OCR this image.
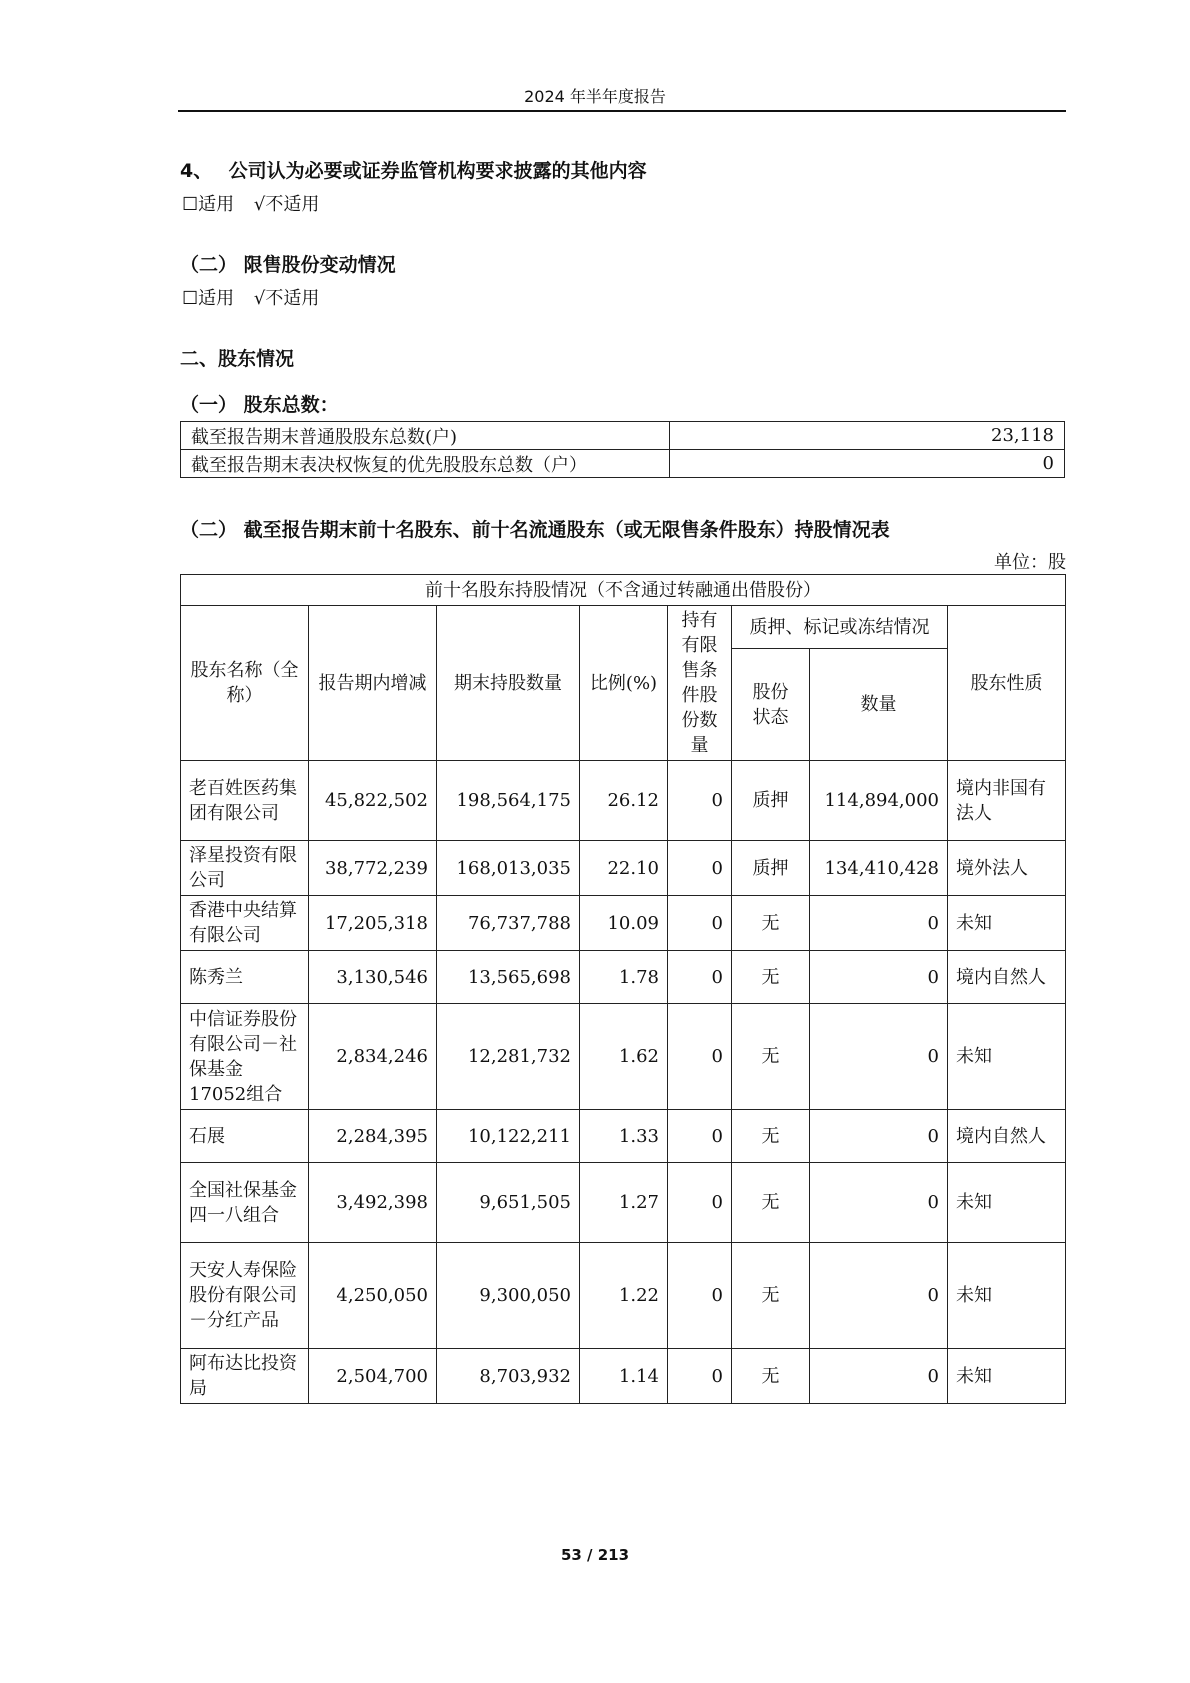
2024 年半年度报告
4、 公司认为必要或证券监管机构要求披露的其他内容
☐适用 √不适用
（二） 限售股份变动情况
☐适用 √不适用
二、股东情况
（一） 股东总数：
截至报告期末普通股股东总数(户)	23,118
截至报告期末表决权恢复的优先股股东总数（户）	0
（二） 截至报告期末前十名股东、前十名流通股东（或无限售条件股东）持股情况表
单位：股
前十名股东持股情况（不含通过转融通出借股份）							
股东名称（全称）	报告期内增减	期末持股数量	比例(%)	持有有限售条件股份数量	质押、标记或冻结情况		股东性质
					股份状态	数量	
老百姓医药集团有限公司	45,822,502	198,564,175	26.12	0	质押	114,894,000	境内非国有法人
泽星投资有限公司	38,772,239	168,013,035	22.10	0	质押	134,410,428	境外法人
香港中央结算有限公司	17,205,318	76,737,788	10.09	0	无	0	未知
陈秀兰	3,130,546	13,565,698	1.78	0	无	0	境内自然人
中信证券股份有限公司－社保基金17052组合	2,834,246	12,281,732	1.62	0	无	0	未知
石展	2,284,395	10,122,211	1.33	0	无	0	境内自然人
全国社保基金四一八组合	3,492,398	9,651,505	1.27	0	无	0	未知
天安人寿保险股份有限公司－分红产品	4,250,050	9,300,050	1.22	0	无	0	未知
阿布达比投资局	2,504,700	8,703,932	1.14	0	无	0	未知
53 / 213
